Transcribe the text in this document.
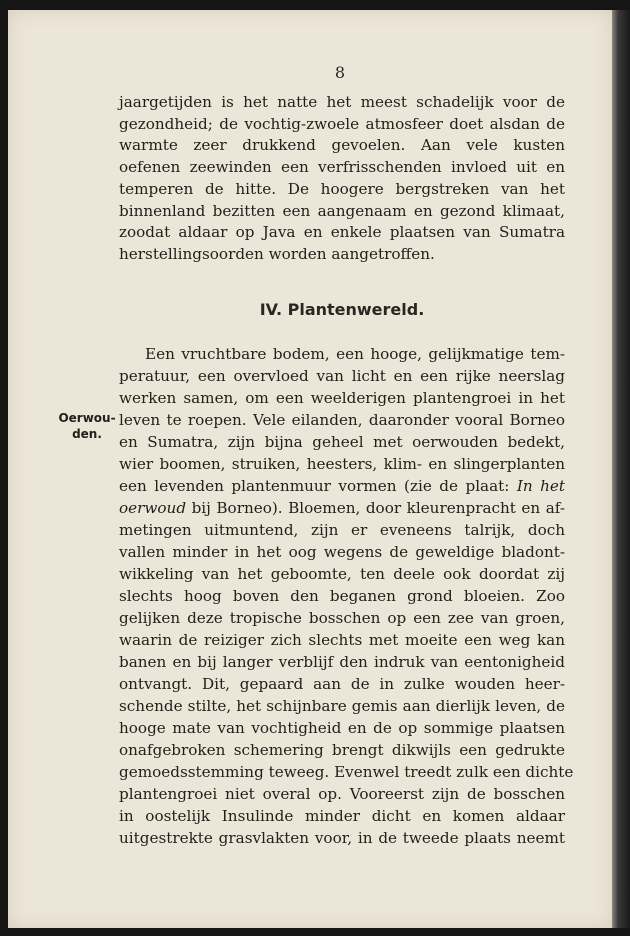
8
jaargetijden is het natte het meest schadelijk voor de
gezondheid; de vochtig-zwoele atmosfeer doet alsdan de
warmte zeer drukkend gevoelen. Aan vele kusten
oefenen zeewinden een verfrisschenden invloed uit en
temperen de hitte. De hoogere bergstreken van het
binnenland bezitten een aangenaam en gezond klimaat,
zoodat aldaar op Java en enkele plaatsen van Sumatra
herstellingsoorden worden aangetroffen.
IV. Plantenwereld.
Oerwou-
den.
Een vruchtbare bodem, een hooge, gelijkmatige tem-
peratuur, een overvloed van licht en een rijke neerslag
werken samen, om een weelderigen plantengroei in het
leven te roepen. Vele eilanden, daaronder vooral Borneo
en Sumatra, zijn bijna geheel met oerwouden bedekt,
wier boomen, struiken, heesters, klim- en slingerplanten
een levenden plantenmuur vormen (zie de plaat: In het
oerwoud bij Borneo). Bloemen, door kleurenpracht en af-
metingen uitmuntend, zijn er eveneens talrijk, doch
vallen minder in het oog wegens de geweldige bladont-
wikkeling van het geboomte, ten deele ook doordat zij
slechts hoog boven den beganen grond bloeien. Zoo
gelijken deze tropische bosschen op een zee van groen,
waarin de reiziger zich slechts met moeite een weg kan
banen en bij langer verblijf den indruk van eentonigheid
ontvangt. Dit, gepaard aan de in zulke wouden heer-
schende stilte, het schijnbare gemis aan dierlijk leven, de
hooge mate van vochtigheid en de op sommige plaatsen
onafgebroken schemering brengt dikwijls een gedrukte
gemoedsstemming teweeg. Evenwel treedt zulk een dichte
plantengroei niet overal op. Vooreerst zijn de bosschen
in oostelijk Insulinde minder dicht en komen aldaar
uitgestrekte grasvlakten voor, in de tweede plaats neemt
